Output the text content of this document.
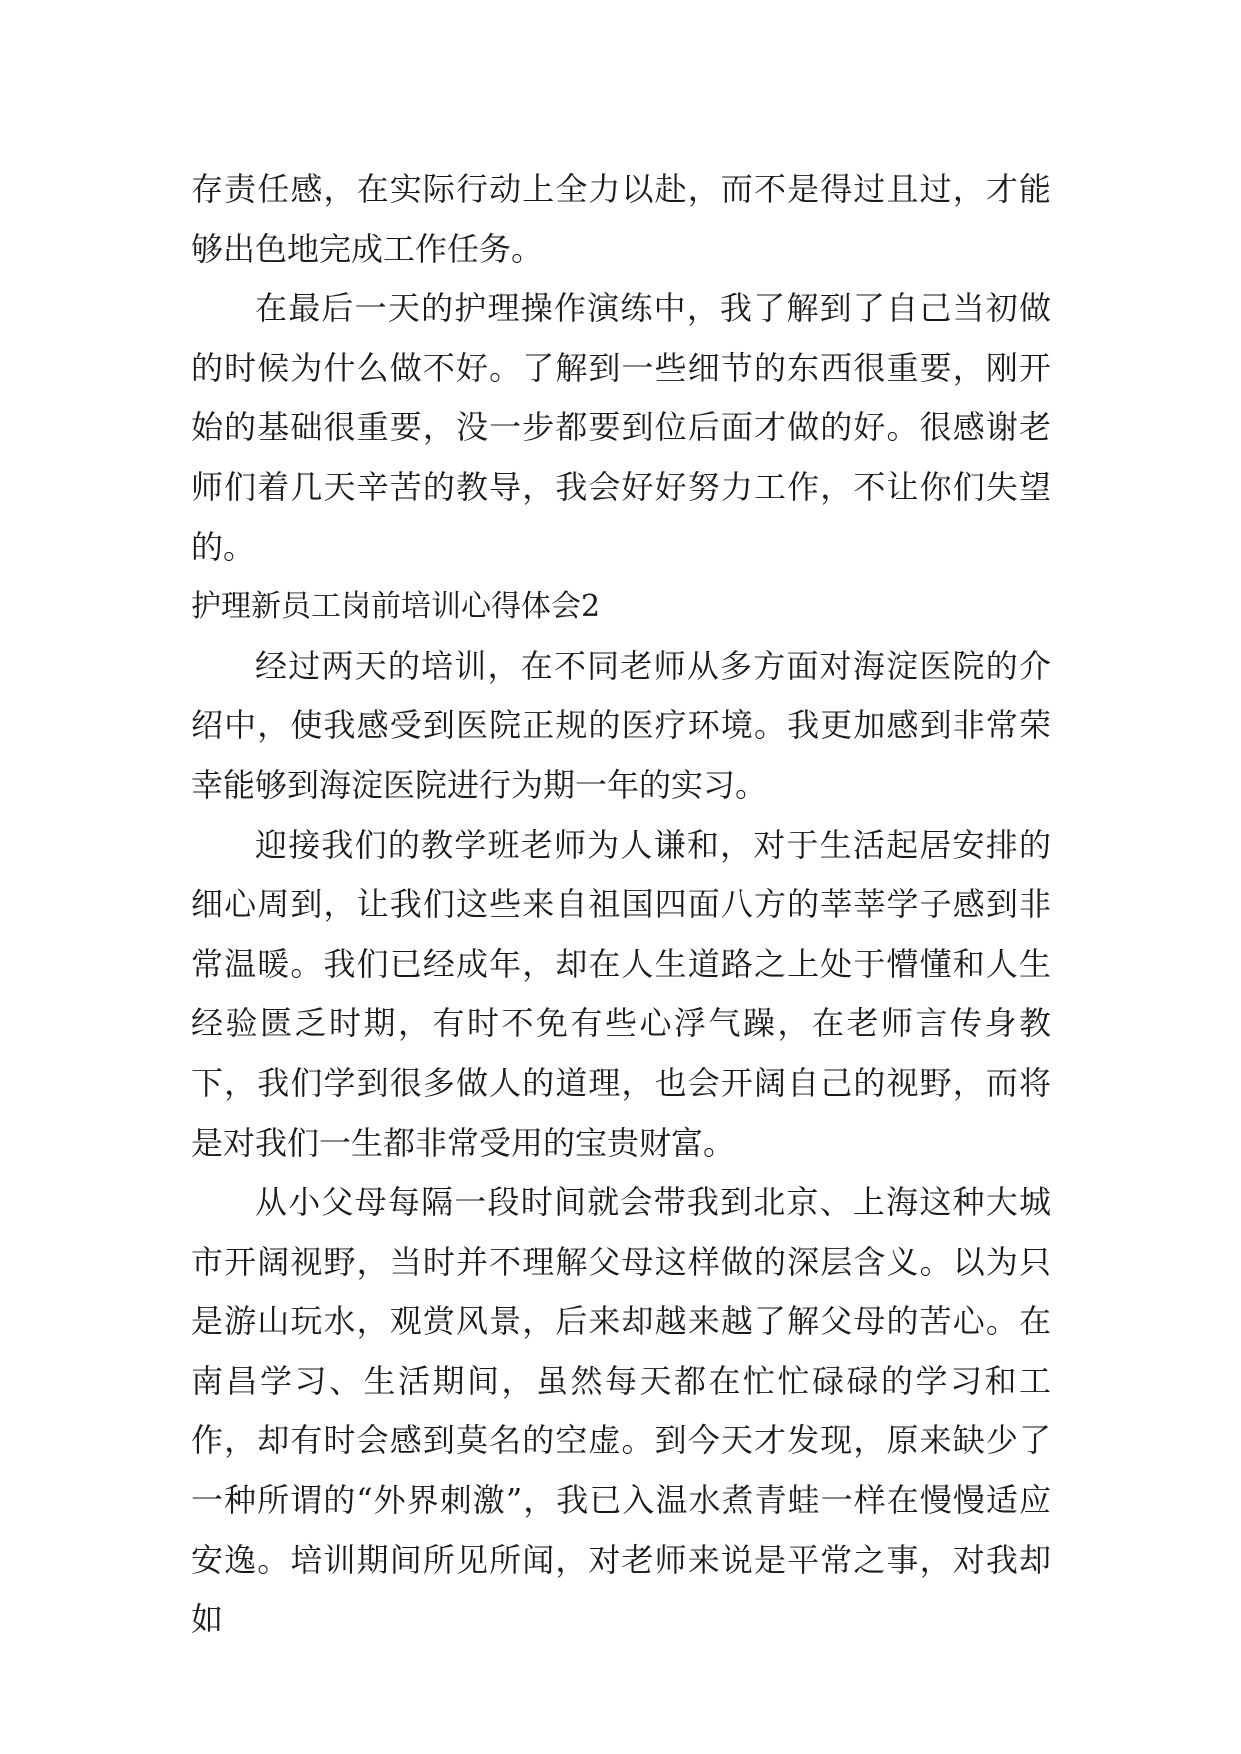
存责任感，在实际行动上全力以赴，而不是得过且过，才能够出色地完成工作任务。

在最后一天的护理操作演练中，我了解到了自己当初做的时候为什么做不好。了解到一些细节的东西很重要，刚开始的基础很重要，没一步都要到位后面才做的好。很感谢老师们着几天辛苦的教导，我会好好努力工作，不让你们失望的。

护理新员工岗前培训心得体会2

经过两天的培训，在不同老师从多方面对海淀医院的介绍中，使我感受到医院正规的医疗环境。我更加感到非常荣幸能够到海淀医院进行为期一年的实习。

迎接我们的教学班老师为人谦和，对于生活起居安排的细心周到，让我们这些来自祖国四面八方的莘莘学子感到非常温暖。我们已经成年，却在人生道路之上处于懵懂和人生经验匮乏时期，有时不免有些心浮气躁，在老师言传身教下，我们学到很多做人的道理，也会开阔自己的视野，而将是对我们一生都非常受用的宝贵财富。

从小父母每隔一段时间就会带我到北京、上海这种大城市开阔视野，当时并不理解父母这样做的深层含义。以为只是游山玩水，观赏风景，后来却越来越了解父母的苦心。在南昌学习、生活期间，虽然每天都在忙忙碌碌的学习和工作，却有时会感到莫名的空虚。到今天才发现，原来缺少了一种所谓的“外界刺激”，我已入温水煮青蛙一样在慢慢适应安逸。培训期间所见所闻，对老师来说是平常之事，对我却如
